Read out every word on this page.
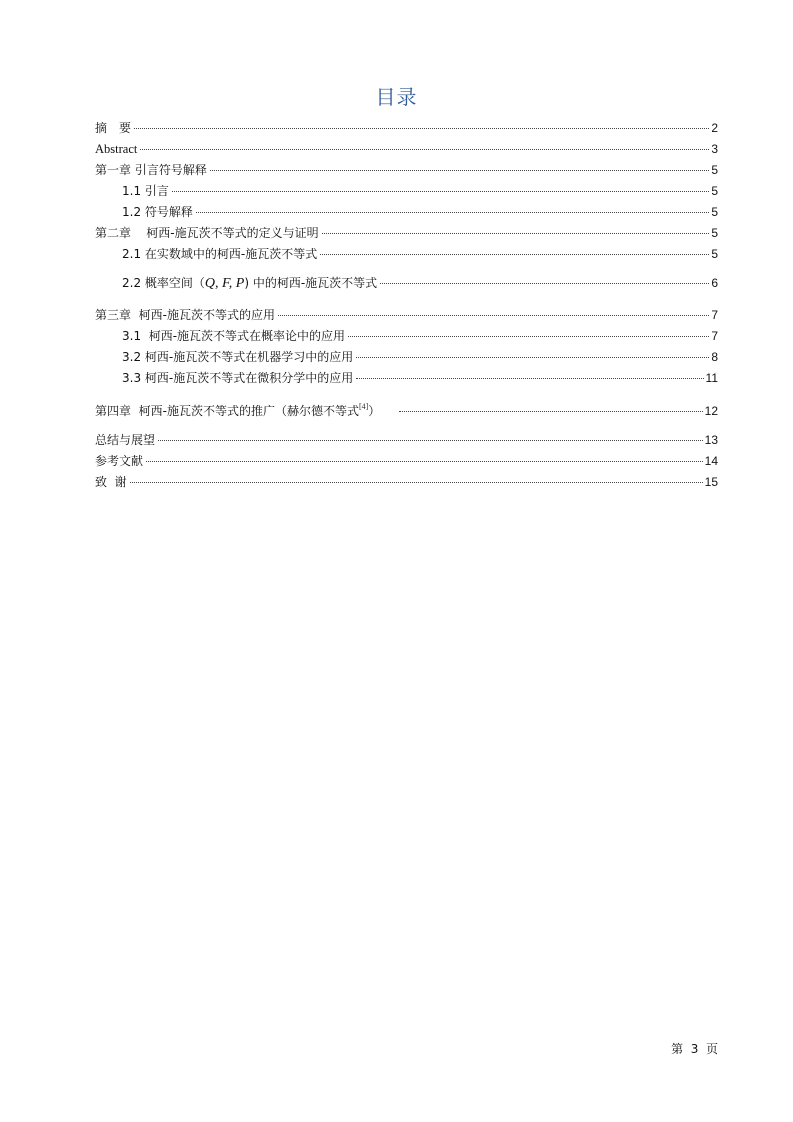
目录
摘　要	2
Abstract	3
第一章 引言符号解释	5
1.1 引言	5
1.2 符号解释	5
第二章    柯西-施瓦茨不等式的定义与证明	5
2.1 在实数域中的柯西-施瓦茨不等式	5
2.2 概率空间（Q, F, P) 中的柯西-施瓦茨不等式	6
第三章  柯西-施瓦茨不等式的应用	7
3.1  柯西-施瓦茨不等式在概率论中的应用	7
3.2 柯西-施瓦茨不等式在机器学习中的应用	8
3.3 柯西-施瓦茨不等式在微积分学中的应用	11
第四章  柯西-施瓦茨不等式的推广（赫尔德不等式[4]）	12
总结与展望	13
参考文献	14
致  谢	15
第  3  页
